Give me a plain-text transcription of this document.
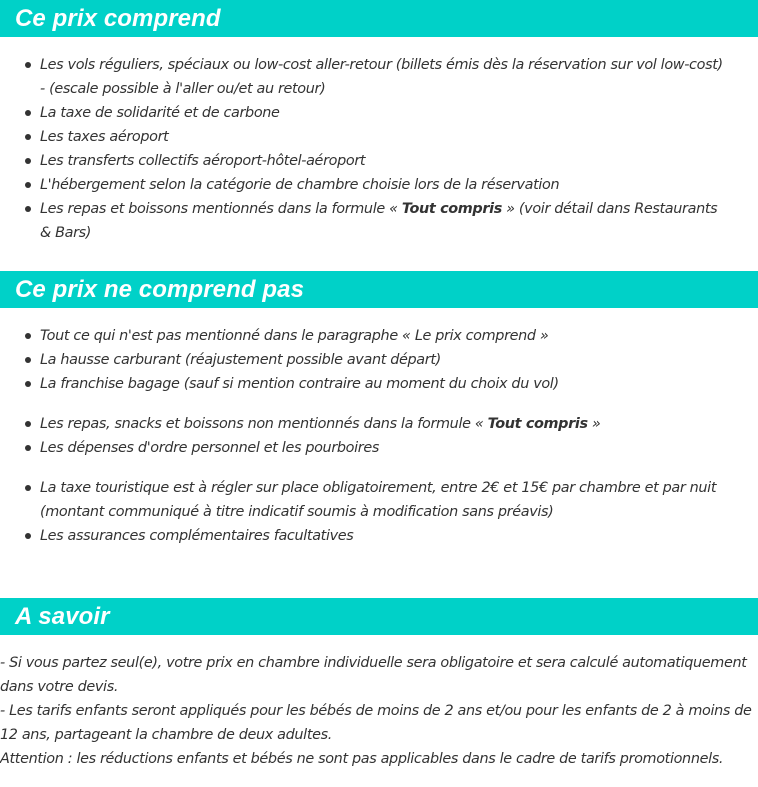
Ce prix comprend
Les vols réguliers, spéciaux ou low-cost aller-retour (billets émis dès la réservation sur vol low-cost) - (escale possible à l'aller ou/et au retour)
La taxe de solidarité et de carbone
Les taxes aéroport
Les transferts collectifs aéroport-hôtel-aéroport
L'hébergement selon la catégorie de chambre choisie lors de la réservation
Les repas et boissons mentionnés dans la formule « Tout compris » (voir détail dans Restaurants & Bars)
Ce prix ne comprend pas
Tout ce qui n'est pas mentionné dans le paragraphe « Le prix comprend »
La hausse carburant (réajustement possible avant départ)
La franchise bagage (sauf si mention contraire au moment du choix du vol)
Les repas, snacks et boissons non mentionnés dans la formule « Tout compris »
Les dépenses d'ordre personnel et les pourboires
La taxe touristique est à régler sur place obligatoirement, entre 2€ et 15€ par chambre et par nuit (montant communiqué à titre indicatif soumis à modification sans préavis)
Les assurances complémentaires facultatives
A savoir

- Si vous partez seul(e), votre prix en chambre individuelle sera obligatoire et sera calculé automatiquement dans votre devis.

- Les tarifs enfants seront appliqués pour les bébés de moins de 2 ans et/ou pour les enfants de 2 à moins de 12 ans, partageant la chambre de deux adultes.

Attention : les réductions enfants et bébés ne sont pas applicables dans le cadre de tarifs promotionnels.
